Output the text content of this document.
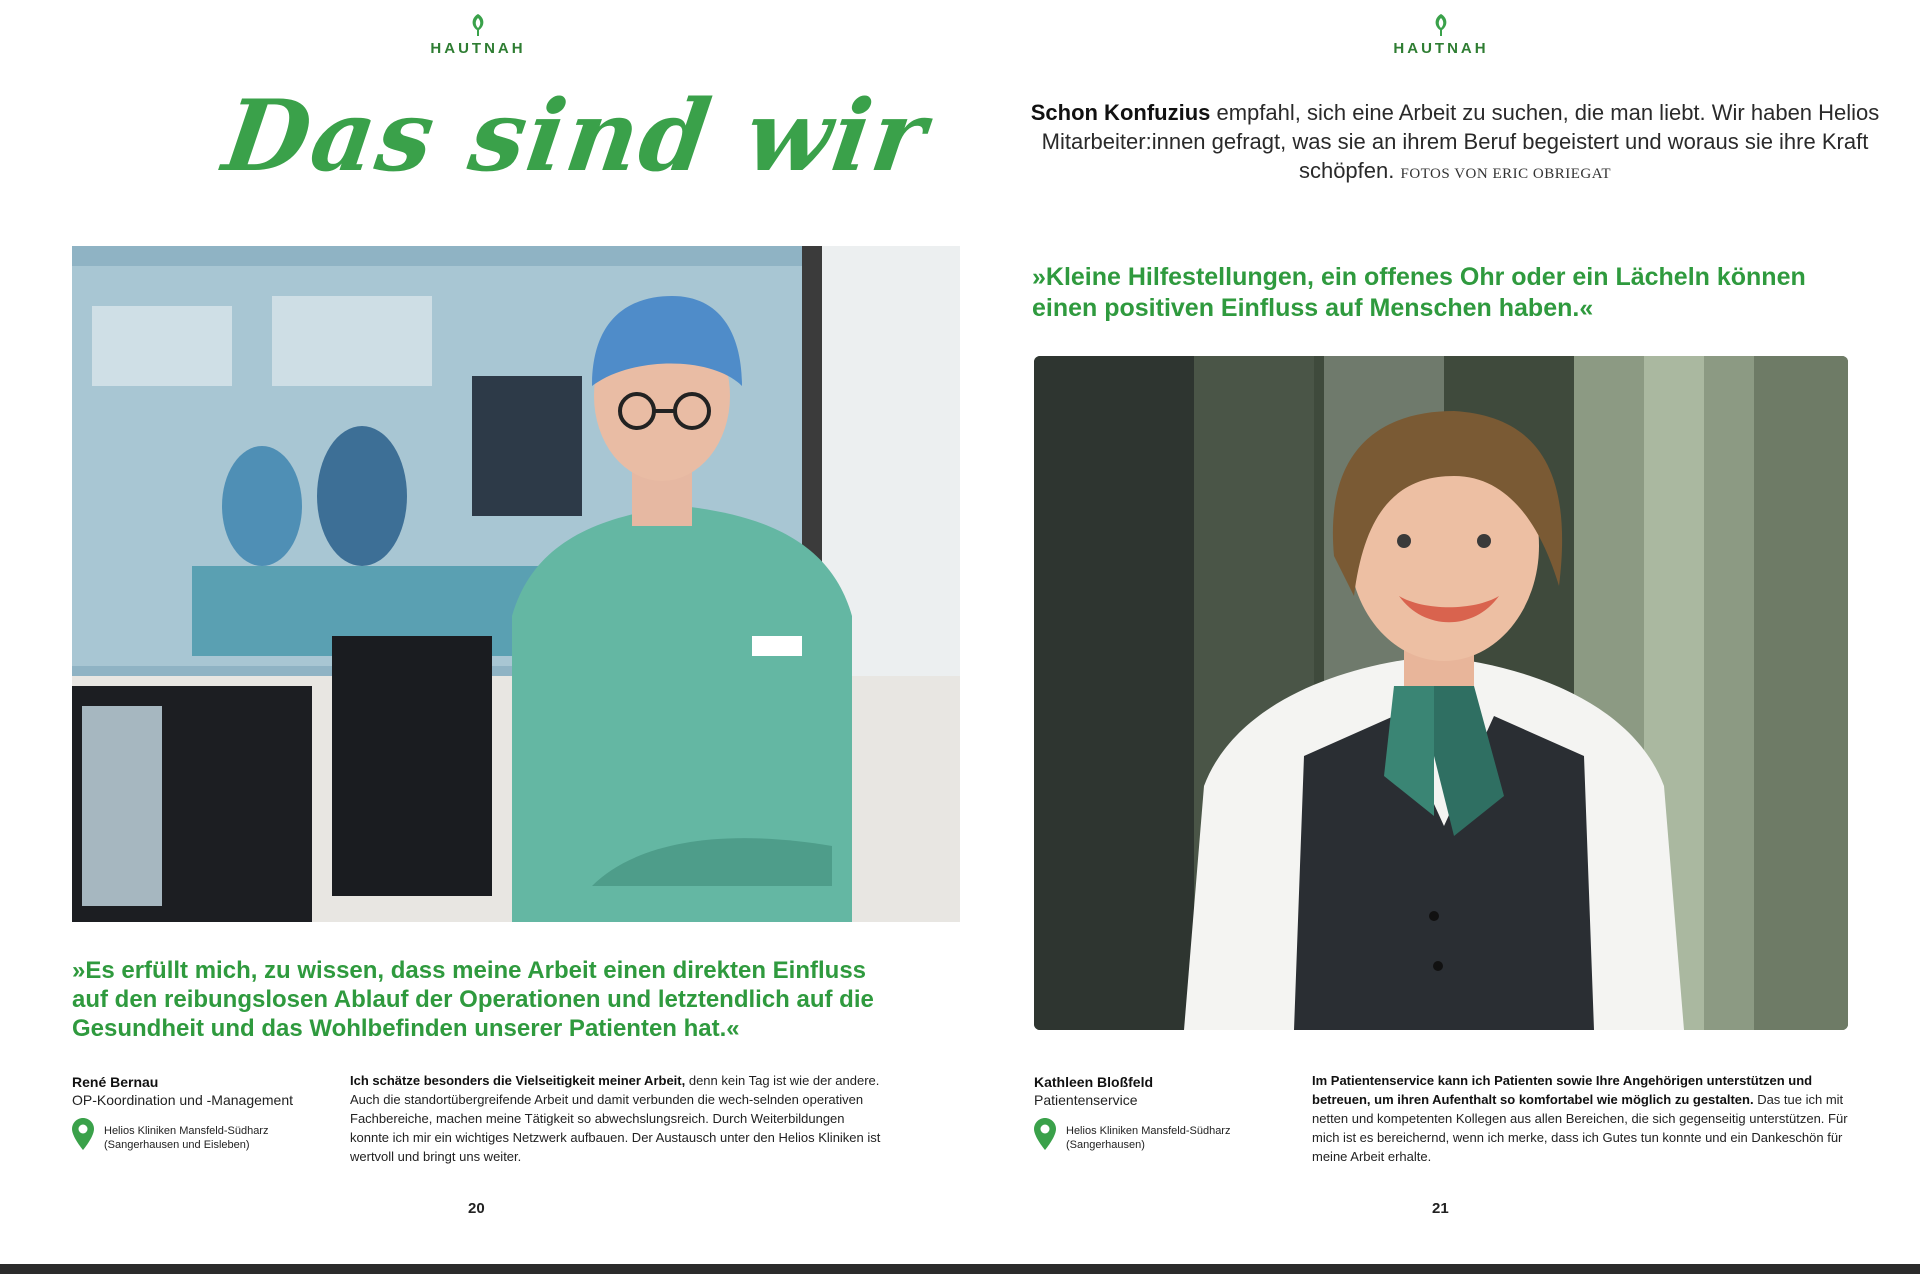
HAUTNAH
Das sind wir
»Es erfüllt mich, zu wissen, dass meine Arbeit einen direkten Einfluss auf den reibungslosen Ablauf der Operationen und letztendlich auf die Gesundheit und das Wohlbefinden unserer Patienten hat.«
René Bernau
OP-Koordination und -Management
Helios Kliniken Mansfeld-Südharz
(Sangerhausen und Eisleben)
Ich schätze besonders die Vielseitigkeit meiner Arbeit, denn kein Tag ist wie der andere. Auch die standortübergreifende Arbeit und damit verbunden die wech-selnden operativen Fachbereiche, machen meine Tätigkeit so abwechslungsreich. Durch Weiterbildungen konnte ich mir ein wichtiges Netzwerk aufbauen. Der Austausch unter den Helios Kliniken ist wertvoll und bringt uns weiter.
20
HAUTNAH
Schon Konfuzius empfahl, sich eine Arbeit zu suchen, die man liebt. Wir haben Helios Mitarbeiter:innen gefragt, was sie an ihrem Beruf begeistert und woraus sie ihre Kraft schöpfen. FOTOS VON ERIC OBRIEGAT
»Kleine Hilfestellungen, ein offenes Ohr oder ein Lächeln können einen positiven Einfluss auf Menschen haben.«
Kathleen Bloßfeld
Patientenservice
Helios Kliniken Mansfeld-Südharz
(Sangerhausen)
Im Patientenservice kann ich Patienten sowie Ihre Angehörigen unterstützen und betreuen, um ihren Aufenthalt so komfortabel wie möglich zu gestalten. Das tue ich mit netten und kompetenten Kollegen aus allen Bereichen, die sich gegenseitig unterstützen. Für mich ist es bereichernd, wenn ich merke, dass ich Gutes tun konnte und ein Dankeschön für meine Arbeit erhalte.
21
